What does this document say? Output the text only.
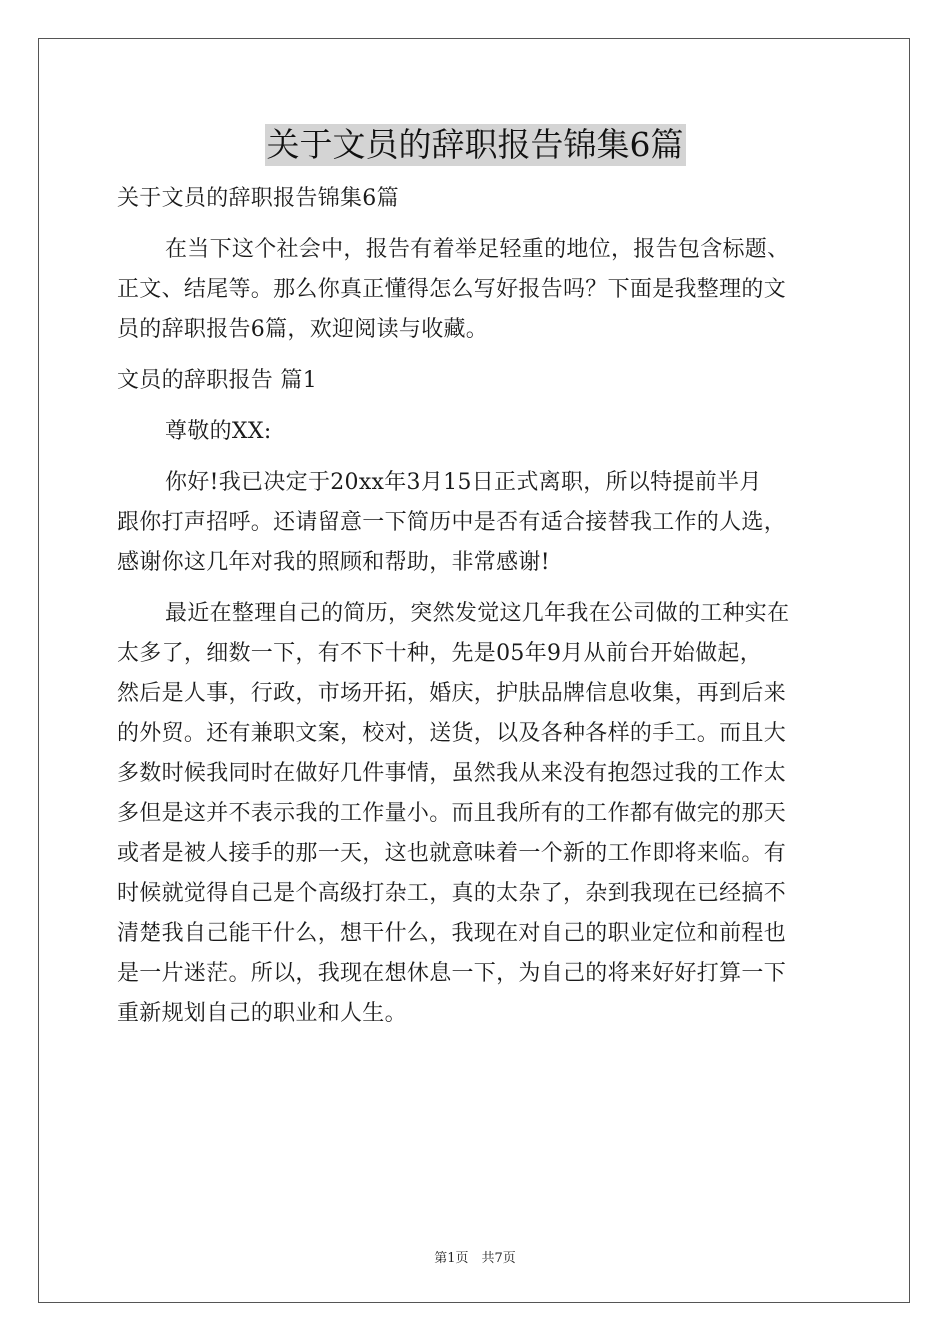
关于文员的辞职报告锦集6篇
关于文员的辞职报告锦集6篇
在当下这个社会中，报告有着举足轻重的地位，报告包含标题、
正文、结尾等。那么你真正懂得怎么写好报告吗？下面是我整理的文
员的辞职报告6篇，欢迎阅读与收藏。
文员的辞职报告 篇1
尊敬的XX:
你好!我已决定于20xx年3月15日正式离职，所以特提前半月
跟你打声招呼。还请留意一下简历中是否有适合接替我工作的人选，
感谢你这几年对我的照顾和帮助，非常感谢!
最近在整理自己的简历，突然发觉这几年我在公司做的工种实在
太多了，细数一下，有不下十种，先是05年9月从前台开始做起，
然后是人事，行政，市场开拓，婚庆，护肤品牌信息收集，再到后来
的外贸。还有兼职文案，校对，送货，以及各种各样的手工。而且大
多数时候我同时在做好几件事情，虽然我从来没有抱怨过我的工作太
多但是这并不表示我的工作量小。而且我所有的工作都有做完的那天
或者是被人接手的那一天，这也就意味着一个新的工作即将来临。有
时候就觉得自己是个高级打杂工，真的太杂了，杂到我现在已经搞不
清楚我自己能干什么，想干什么，我现在对自己的职业定位和前程也
是一片迷茫。所以，我现在想休息一下，为自己的将来好好打算一下
重新规划自己的职业和人生。
第1页　共7页
